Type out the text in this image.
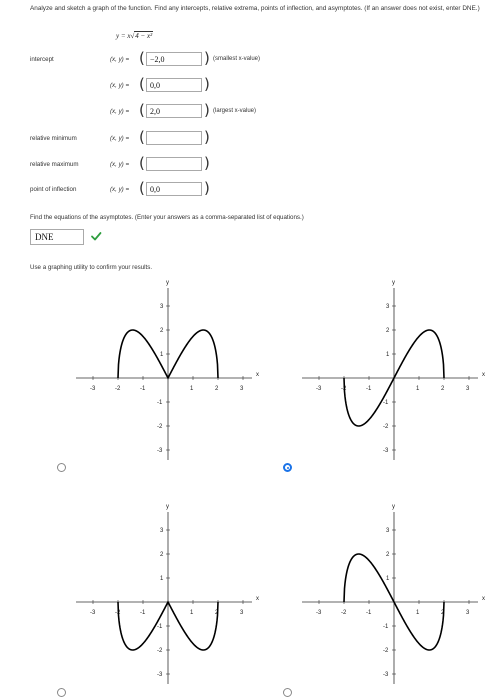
Analyze and sketch a graph of the function. Find any intercepts, relative extrema, points of inflection, and asymptotes. (If an answer does not exist, enter DNE.)
y = x√4 − x²
intercept	(x, y) = ( −2,0	) (smallest x-value)
(x, y) = ( 0,0	)
(x, y) = ( 2,0	) (largest x-value)
relative minimum	(x, y) = (	)
relative maximum	(x, y) = (	)
point of inflection	(x, y) = ( 0,0	)
Find the equations of the asymptotes. (Enter your answers as a comma-separated list of equations.)
DNE
Use a graphing utility to confirm your results.
x
y
-3	-2	-1	1	2	3
1
2
3
-1
-2
-3
x
y
-3	-2	-1	1	2	3
1
2
3
-1
-2
-3
x
y
-3	-2	-1	1	2	3
1
2
3
-1
-2
-3
x
y
-3	-2	-1	1	2	3
1
2
3
-1
-2
-3
